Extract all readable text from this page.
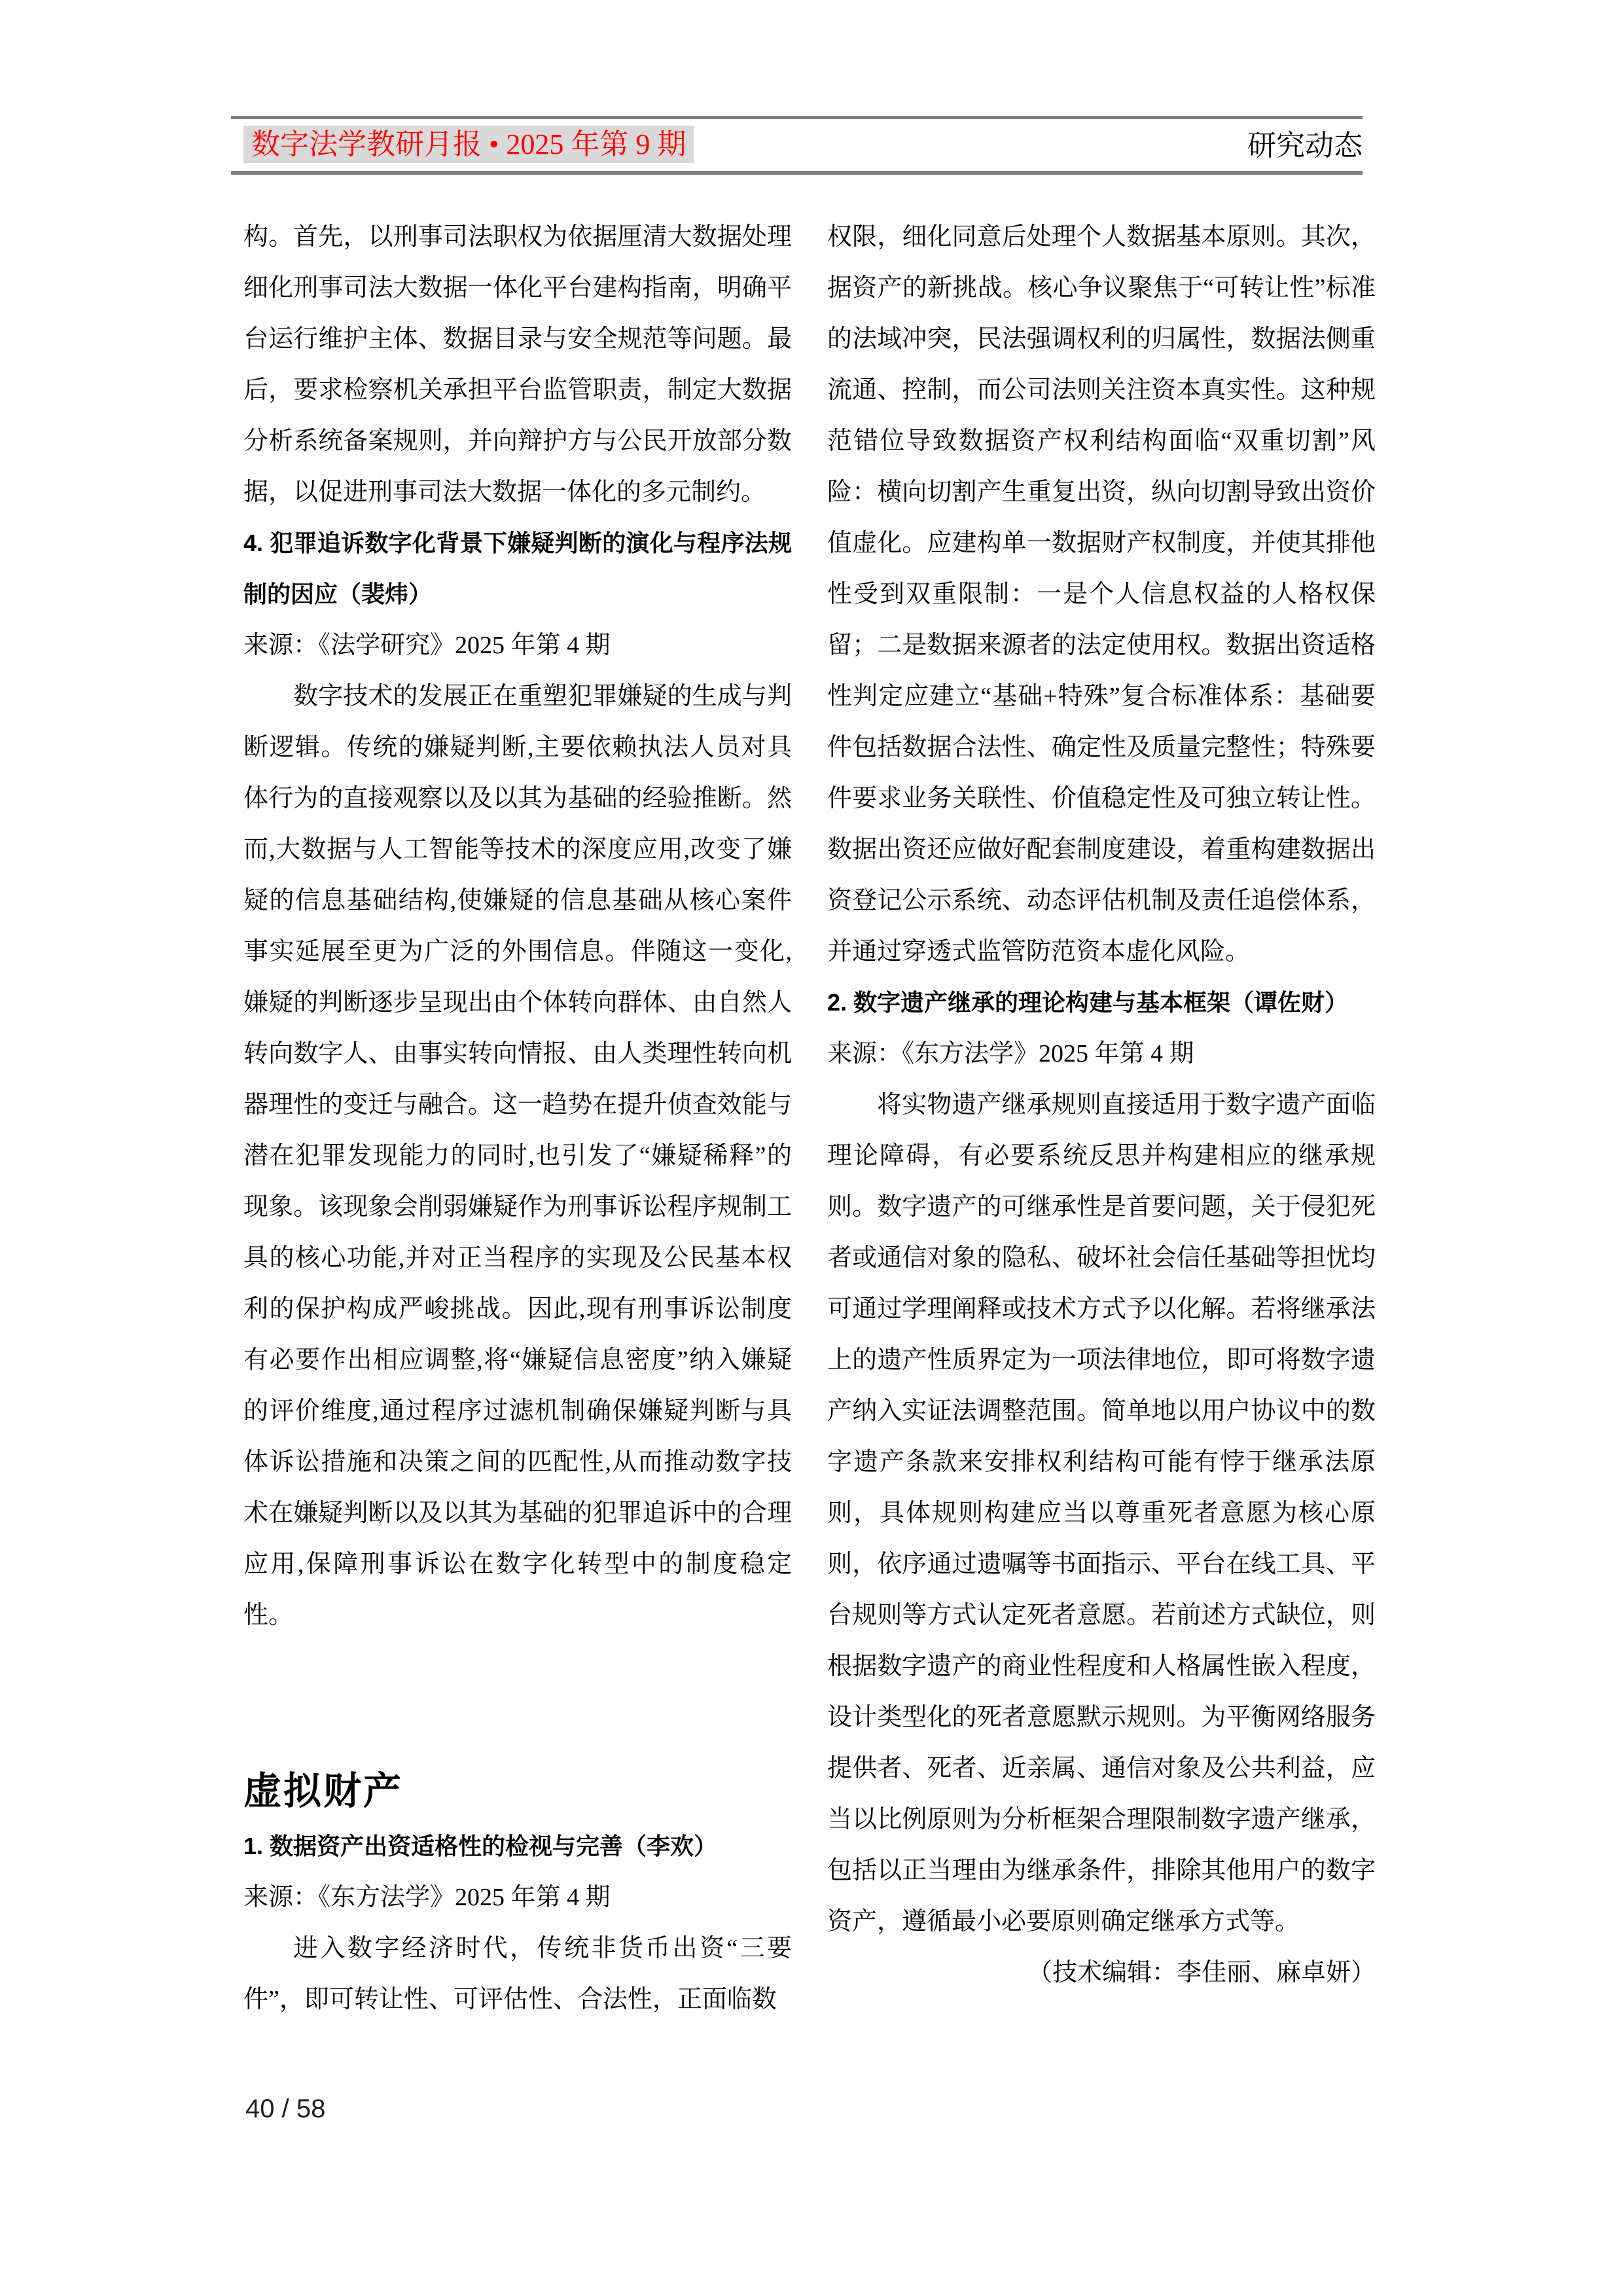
数字法学教研月报 • 2025 年第 9 期	研究动态

构。首先，以刑事司法职权为依据厘清大数据处理细化刑事司法大数据一体化平台建构指南，明确平台运行维护主体、数据目录与安全规范等问题。最后，要求检察机关承担平台监管职责，制定大数据分析系统备案规则，并向辩护方与公民开放部分数据，以促进刑事司法大数据一体化的多元制约。

4. 犯罪追诉数字化背景下嫌疑判断的演化与程序法规制的因应（裴炜）

来源：《法学研究》2025 年第 4 期

数字技术的发展正在重塑犯罪嫌疑的生成与判断逻辑。传统的嫌疑判断,主要依赖执法人员对具体行为的直接观察以及以其为基础的经验推断。然而,大数据与人工智能等技术的深度应用,改变了嫌疑的信息基础结构,使嫌疑的信息基础从核心案件事实延展至更为广泛的外围信息。伴随这一变化,嫌疑的判断逐步呈现出由个体转向群体、由自然人转向数字人、由事实转向情报、由人类理性转向机器理性的变迁与融合。这一趋势在提升侦查效能与潜在犯罪发现能力的同时,也引发了“嫌疑稀释”的现象。该现象会削弱嫌疑作为刑事诉讼程序规制工具的核心功能,并对正当程序的实现及公民基本权利的保护构成严峻挑战。因此,现有刑事诉讼制度有必要作出相应调整,将“嫌疑信息密度”纳入嫌疑的评价维度,通过程序过滤机制确保嫌疑判断与具体诉讼措施和决策之间的匹配性,从而推动数字技术在嫌疑判断以及以其为基础的犯罪追诉中的合理应用,保障刑事诉讼在数字化转型中的制度稳定性。

虚拟财产

1. 数据资产出资适格性的检视与完善（李欢）

来源：《东方法学》2025 年第 4 期

进入数字经济时代，传统非货币出资“三要件”，即可转让性、可评估性、合法性，正面临数

权限，细化同意后处理个人数据基本原则。其次，据资产的新挑战。核心争议聚焦于“可转让性”标准的法域冲突，民法强调权利的归属性，数据法侧重流通、控制，而公司法则关注资本真实性。这种规范错位导致数据资产权利结构面临“双重切割”风险：横向切割产生重复出资，纵向切割导致出资价值虚化。应建构单一数据财产权制度，并使其排他性受到双重限制：一是个人信息权益的人格权保留；二是数据来源者的法定使用权。数据出资适格性判定应建立“基础+特殊”复合标准体系：基础要件包括数据合法性、确定性及质量完整性；特殊要件要求业务关联性、价值稳定性及可独立转让性。数据出资还应做好配套制度建设，着重构建数据出资登记公示系统、动态评估机制及责任追偿体系，并通过穿透式监管防范资本虚化风险。

2. 数字遗产继承的理论构建与基本框架（谭佐财）

来源：《东方法学》2025 年第 4 期

将实物遗产继承规则直接适用于数字遗产面临理论障碍，有必要系统反思并构建相应的继承规则。数字遗产的可继承性是首要问题，关于侵犯死者或通信对象的隐私、破坏社会信任基础等担忧均可通过学理阐释或技术方式予以化解。若将继承法上的遗产性质界定为一项法律地位，即可将数字遗产纳入实证法调整范围。简单地以用户协议中的数字遗产条款来安排权利结构可能有悖于继承法原则，具体规则构建应当以尊重死者意愿为核心原则，依序通过遗嘱等书面指示、平台在线工具、平台规则等方式认定死者意愿。若前述方式缺位，则根据数字遗产的商业性程度和人格属性嵌入程度，设计类型化的死者意愿默示规则。为平衡网络服务提供者、死者、近亲属、通信对象及公共利益，应当以比例原则为分析框架合理限制数字遗产继承，包括以正当理由为继承条件，排除其他用户的数字资产，遵循最小必要原则确定继承方式等。

（技术编辑：李佳丽、麻卓妍）

40 / 58
